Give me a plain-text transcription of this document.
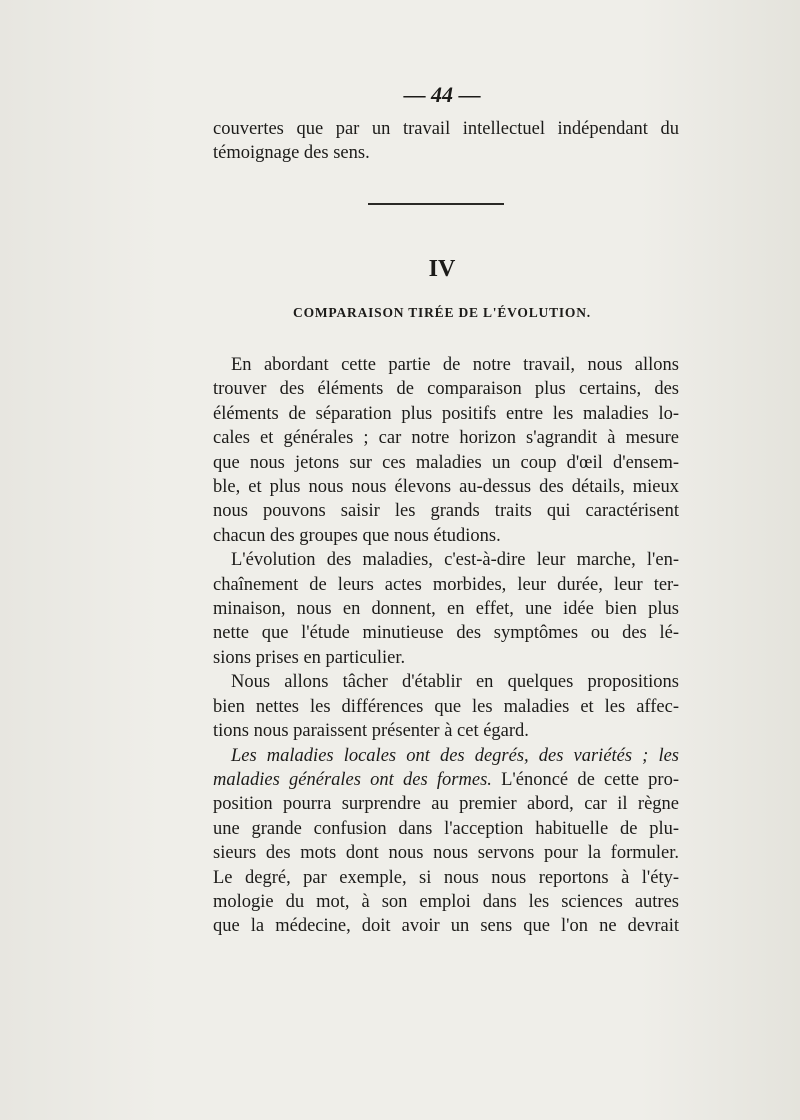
— 44 —
couvertes que par un travail intellectuel indépendant du
témoignage des sens.
IV
COMPARAISON TIRÉE DE L'ÉVOLUTION.
En abordant cette partie de notre travail, nous allons
trouver des éléments de comparaison plus certains, des
éléments de séparation plus positifs entre les maladies lo-
cales et générales ; car notre horizon s'agrandit à mesure
que nous jetons sur ces maladies un coup d'œil d'ensem-
ble, et plus nous nous élevons au-dessus des détails, mieux
nous pouvons saisir les grands traits qui caractérisent
chacun des groupes que nous étudions.
L'évolution des maladies, c'est-à-dire leur marche, l'en-
chaînement de leurs actes morbides, leur durée, leur ter-
minaison, nous en donnent, en effet, une idée bien plus
nette que l'étude minutieuse des symptômes ou des lé-
sions prises en particulier.
Nous allons tâcher d'établir en quelques propositions
bien nettes les différences que les maladies et les affec-
tions nous paraissent présenter à cet égard.
Les maladies locales ont des degrés, des variétés ; les
maladies générales ont des formes. L'énoncé de cette pro-
position pourra surprendre au premier abord, car il règne
une grande confusion dans l'acception habituelle de plu-
sieurs des mots dont nous nous servons pour la formuler.
Le degré, par exemple, si nous nous reportons à l'éty-
mologie du mot, à son emploi dans les sciences autres
que la médecine, doit avoir un sens que l'on ne devrait
